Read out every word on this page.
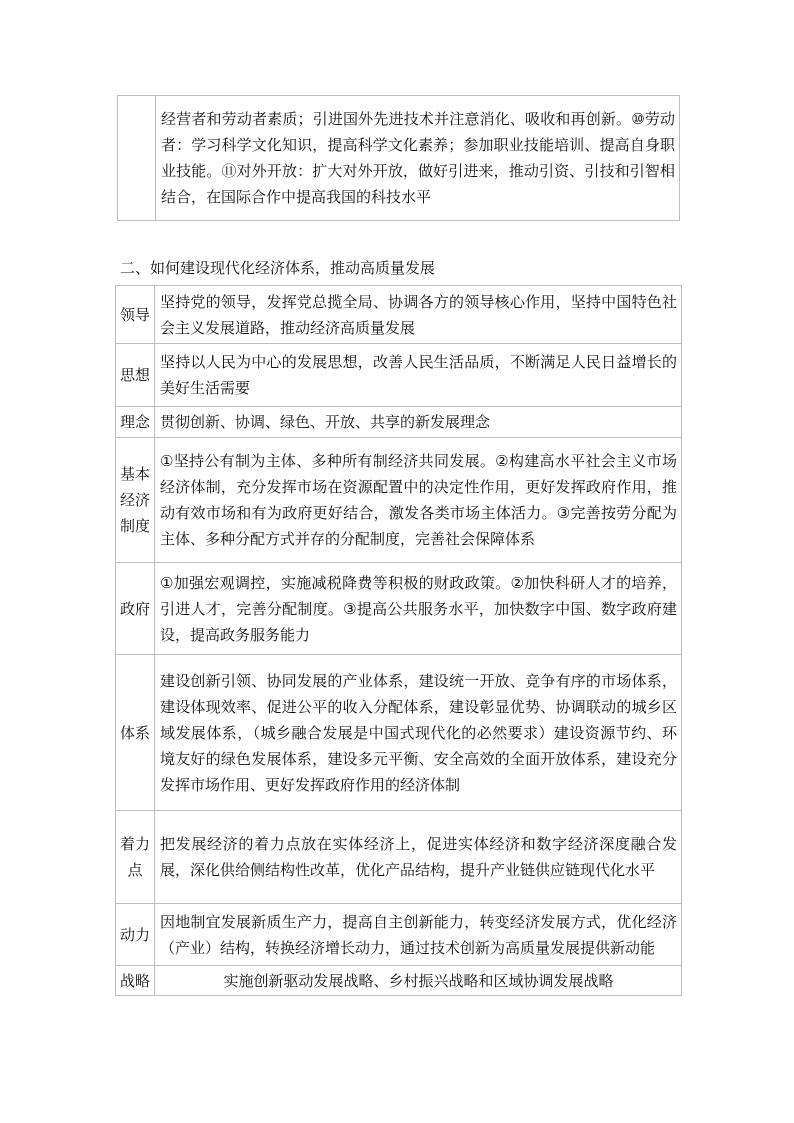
	经营者和劳动者素质；引进国外先进技术并注意消化、吸收和再创新。⑩劳动者：学习科学文化知识，提高科学文化素养；参加职业技能培训、提高自身职业技能。⑪对外开放：扩大对外开放，做好引进来，推动引资、引技和引智相结合，在国际合作中提高我国的科技水平
二、如何建设现代化经济体系，推动高质量发展
领导	坚持党的领导，发挥党总揽全局、协调各方的领导核心作用，坚持中国特色社会主义发展道路，推动经济高质量发展
思想	坚持以人民为中心的发展思想，改善人民生活品质，不断满足人民日益增长的美好生活需要
理念	贯彻创新、协调、绿色、开放、共享的新发展理念
基本经济制度	①坚持公有制为主体、多种所有制经济共同发展。②构建高水平社会主义市场经济体制，充分发挥市场在资源配置中的决定性作用，更好发挥政府作用，推动有效市场和有为政府更好结合，激发各类市场主体活力。③完善按劳分配为主体、多种分配方式并存的分配制度，完善社会保障体系
政府	①加强宏观调控，实施减税降费等积极的财政政策。②加快科研人才的培养，引进人才，完善分配制度。③提高公共服务水平，加快数字中国、数字政府建设，提高政务服务能力
体系	建设创新引领、协同发展的产业体系，建设统一开放、竞争有序的市场体系，建设体现效率、促进公平的收入分配体系，建设彰显优势、协调联动的城乡区域发展体系，（城乡融合发展是中国式现代化的必然要求）建设资源节约、环境友好的绿色发展体系，建设多元平衡、安全高效的全面开放体系，建设充分发挥市场作用、更好发挥政府作用的经济体制
着力点	把发展经济的着力点放在实体经济上，促进实体经济和数字经济深度融合发展，深化供给侧结构性改革，优化产品结构，提升产业链供应链现代化水平
动力	因地制宜发展新质生产力，提高自主创新能力，转变经济发展方式，优化经济（产业）结构，转换经济增长动力，通过技术创新为高质量发展提供新动能
战略	实施创新驱动发展战略、乡村振兴战略和区域协调发展战略
